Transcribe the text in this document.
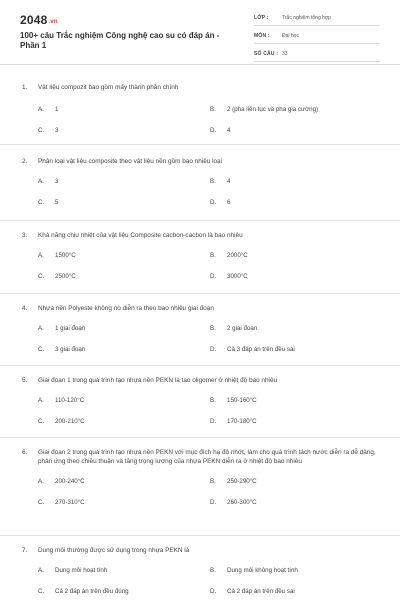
2048.vn
100+ câu Trắc nghiệm Công nghệ cao su có đáp án - Phần 1
LỚP :	Trắc nghiệm tổng hợp
MÔN :	Đại học
SỐ CÂU : 33
1.	Vật liệu compozit bao gồm mấy thành phần chính
A.	1	B.	2 (pha liên tục và pha gia cường)
C.	3	D.	4
2.	Phân loại vật liệu composite theo vật liệu nền gồm bao nhiêu loại
A.	3	B.	4
C.	5	D.	6
3.	Khả năng chịu nhiệt của vật liệu Composite cacbon-cacbon là bao nhiêu
A.	1500°C	B.	2000°C
C.	2500°C	D.	3000°C
4.	Nhựa nền Polyeste không no diễn ra theo bao nhiêu giai đoạn
A.	1 giai đoạn	B.	2 giai đoạn
C.	3 giai đoạn	D.	Cả 3 đáp án trên đều sai
5.	Giai đoạn 1 trong quá trình tạo nhựa nền PEKN là tạo oligomer ở nhiệt độ bao nhiêu
A.	110-120°C	B.	150-160°C
C.	200-210°C	D.	170-180°C
6.	Giai đoạn 2 trong quá trình tạo nhựa nền PEKN với mục đích hạ độ nhớt, làm cho quá trình tách nước diễn ra dễ dàng, phản ứng theo chiều thuận và tăng trọng lượng của nhựa PEKN diễn ra ở nhiệt độ bao nhiêu
A.	200-240°C	B.	250-290°C
C.	270-310°C	D.	260-300°C
7.	Dung môi thường được sử dụng trong nhựa PEKN là
A.	Dung môi hoạt tính	B.	Dung môi không hoạt tính
C.	Cả 2 đáp án trên đều đúng	D.	Cả 2 đáp án trên đều sai
